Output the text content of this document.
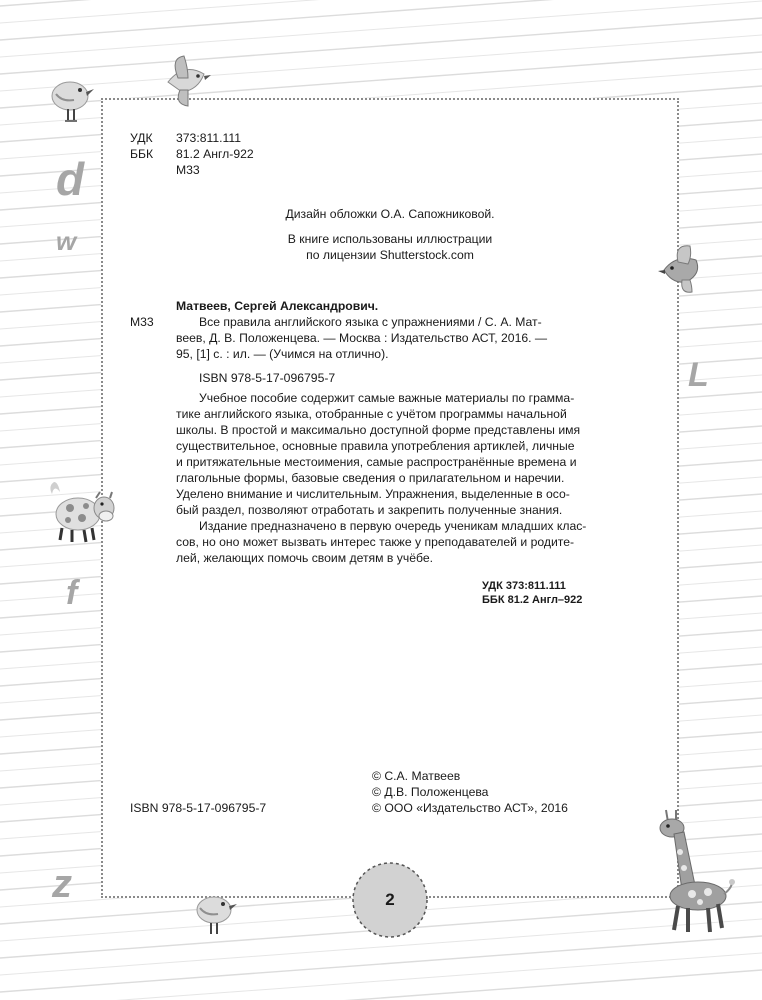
d
w
L
f
z
УДК 373:811.111
ББК 81.2 Англ-922
М33
Дизайн обложки О.А. Сапожниковой.
В книге использованы иллюстрации
по лицензии Shutterstock.com
Матвеев, Сергей Александрович.
М33	Все правила английского языка с упражнениями / С. А. Мат-
веев, Д. В. Положенцева. — Москва : Издательство АСТ, 2016. —
95, [1] с. : ил. — (Учимся на отлично).
ISBN 978-5-17-096795-7
Учебное пособие содержит самые важные материалы по грамма-
тике английского языка, отобранные с учётом программы начальной
школы. В простой и максимально доступной форме представлены имя
существительное, основные правила употребления артиклей, личные
и притяжательные местоимения, самые распространённые времена и
глагольные формы, базовые сведения о прилагательном и наречии.
Уделено внимание и числительным. Упражнения, выделенные в осо-
бый раздел, позволяют отработать и закрепить полученные знания.
Издание предназначено в первую очередь ученикам младших клас-
сов, но оно может вызвать интерес также у преподавателей и родите-
лей, желающих помочь своим детям в учёбе.
УДК 373:811.111
ББК 81.2 Англ–922
© С.А. Матвеев
© Д.В. Положенцева
ISBN 978-5-17-096795-7	© ООО «Издательство АСТ», 2016
2
